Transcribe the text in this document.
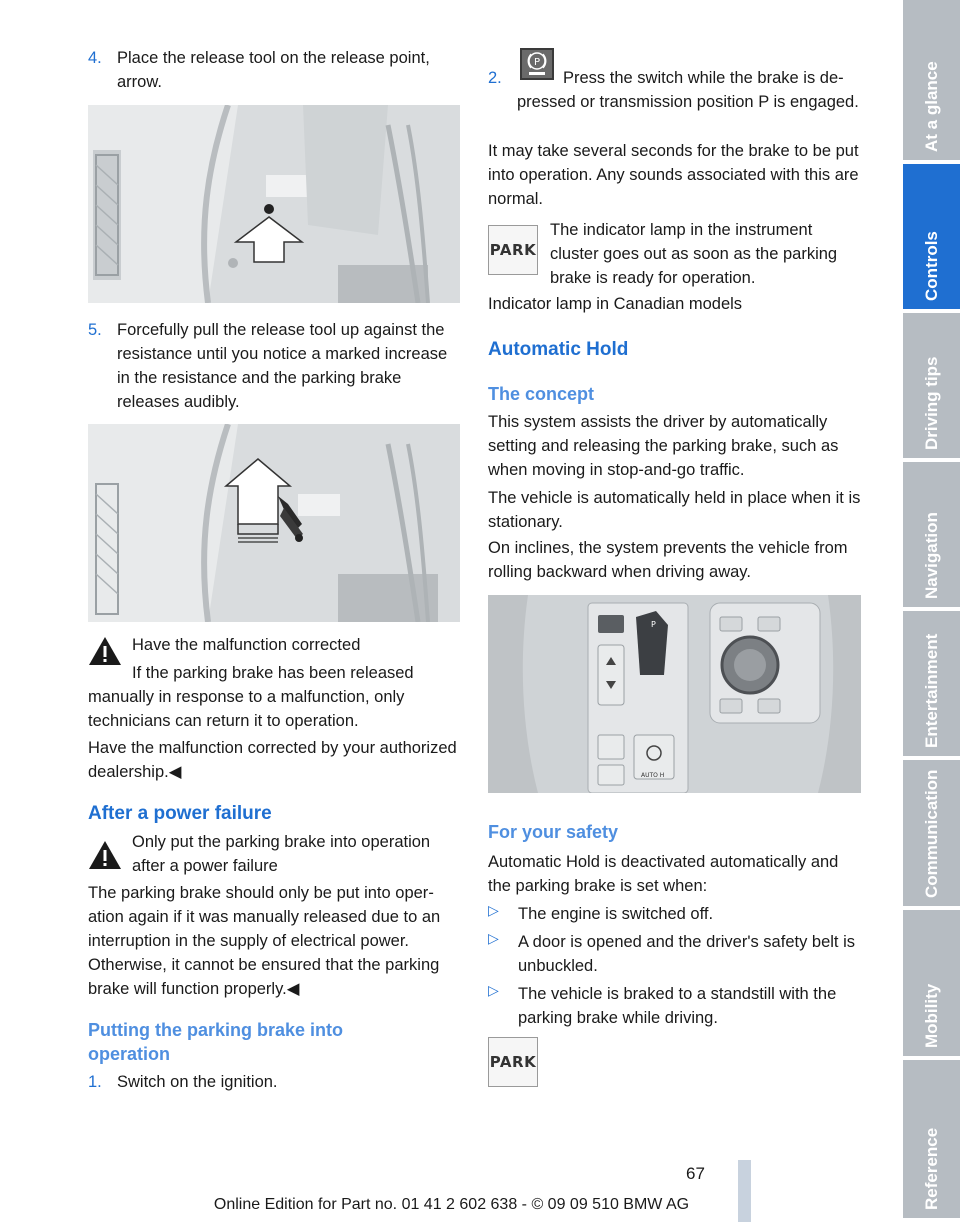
4. Place the release tool on the release point, arrow.

5. Forcefully pull the release tool up against the resistance until you notice a marked increase in the resistance and the parking brake releases audibly.

Have the malfunction corrected

If the parking brake has been released manually in response to a malfunction, only technicians can return it to operation.

Have the malfunction corrected by your authorized dealership.◀

After a power failure

Only put the parking brake into operation after a power failure

The parking brake should only be put into operation again if it was manually released due to an interruption in the supply of electrical power. Otherwise, it cannot be ensured that the parking brake will function properly.◀

Putting the parking brake into operation

1. Switch on the ignition.

2.
P

Press the switch while the brake is depressed or transmission position P is engaged.

It may take several seconds for the brake to be put into operation. Any sounds associated with this are normal.

PARK

The indicator lamp in the instrument cluster goes out as soon as the parking brake is ready for operation.

Indicator lamp in Canadian models

Automatic Hold

The concept

This system assists the driver by automatically setting and releasing the parking brake, such as when moving in stop-and-go traffic.

The vehicle is automatically held in place when it is stationary.

On inclines, the system prevents the vehicle from rolling backward when driving away.

P
AUTO H

For your safety

Automatic Hold is deactivated automatically and the parking brake is set when:

▷ The engine is switched off.

▷ A door is opened and the driver's safety belt is unbuckled.

▷ The vehicle is braked to a standstill with the parking brake while driving.

PARK
At a glance
Controls
Driving tips
Navigation
Entertainment
Communication
Mobility
Reference
67
Online Edition for Part no. 01 41 2 602 638 - © 09 09 510 BMW AG
